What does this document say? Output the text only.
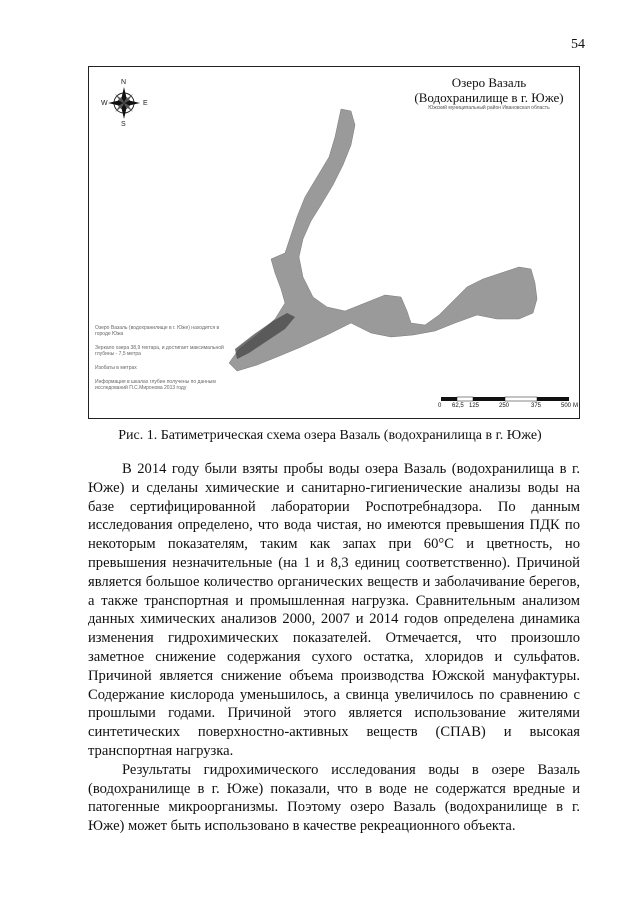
54
N
S
W	E
Озеро Вазаль
(Водохранилище в г. Юже)
Южский муниципальный район Ивановская область
Озеро Вазаль (водохранилище в г. Юже) находится в городе Южа
Зеркало озера 38,9 гектара, и достигает максимальной глубины - 7,5 метра
Изобаты в метрах
Информация в шкалах глубин получены по данным исследований П.С.Миронова 2013 году
0 62,5 125	250	375	500 M
Рис. 1. Батиметрическая схема озера Вазаль (водохранилища в г. Юже)

В 2014 году были взяты пробы воды озера Вазаль (водохранилища в г. Юже) и сделаны химические и санитарно-гигиенические анализы воды на базе сертифицированной лаборатории Роспотребнадзора. По данным исследования определено, что вода чистая, но имеются превышения ПДК по некоторым показателям, таким как запах при 60°С и цветность, но превышения незначительные (на 1 и 8,3 единиц соответственно). Причиной является большое количество органических веществ и заболачивание берегов, а также транспортная и промышленная нагрузка. Сравнительным анализом данных химических анализов 2000, 2007 и 2014 годов определена динамика изменения гидрохимических показателей. Отмечается, что произошло заметное снижение содержания сухого остатка, хлоридов и сульфатов. Причиной является снижение объема производства Южской мануфактуры. Содержание кислорода уменьшилось, а свинца увеличилось по сравнению с прошлыми годами. Причиной этого является использование жителями синтетических поверхностно-активных веществ (СПАВ) и высокая транспортная нагрузка.

Результаты гидрохимического исследования воды в озере Вазаль (водохранилище в г. Юже) показали, что в воде не содержатся вредные и патогенные микроорганизмы. Поэтому озеро Вазаль (водохранилище в г. Юже) может быть использовано в качестве рекреационного объекта.
